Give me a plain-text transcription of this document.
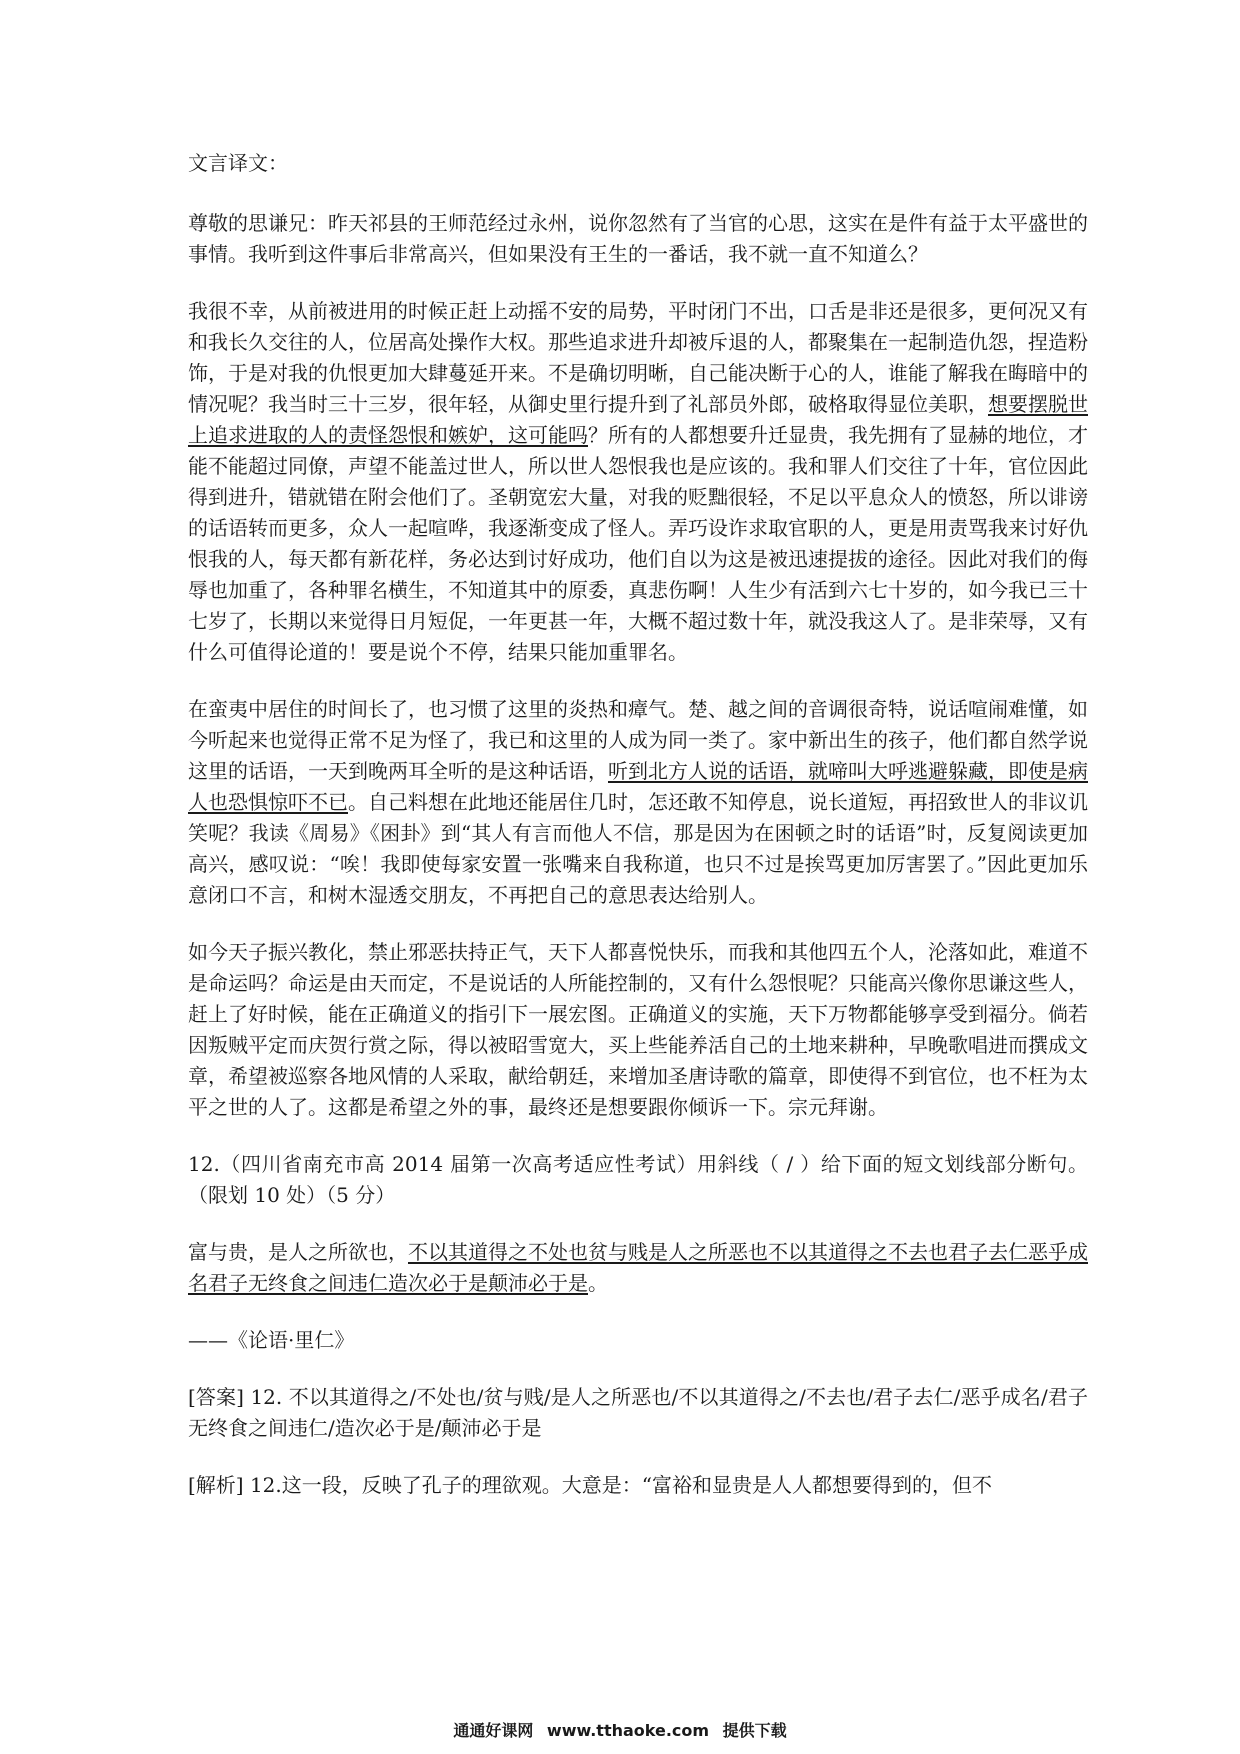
文言译文：

尊敬的思谦兄：昨天祁县的王师范经过永州，说你忽然有了当官的心思，这实在是件有益于太平盛世的事情。我听到这件事后非常高兴，但如果没有王生的一番话，我不就一直不知道么？

我很不幸，从前被进用的时候正赶上动摇不安的局势，平时闭门不出，口舌是非还是很多，更何况又有和我长久交往的人，位居高处操作大权。那些追求进升却被斥退的人，都聚集在一起制造仇怨，捏造粉饰，于是对我的仇恨更加大肆蔓延开来。不是确切明晰，自己能决断于心的人，谁能了解我在晦暗中的情况呢？我当时三十三岁，很年轻，从御史里行提升到了礼部员外郎，破格取得显位美职，想要摆脱世上追求进取的人的责怪怨恨和嫉妒，这可能吗？所有的人都想要升迁显贵，我先拥有了显赫的地位，才能不能超过同僚，声望不能盖过世人，所以世人怨恨我也是应该的。我和罪人们交往了十年，官位因此得到进升，错就错在附会他们了。圣朝宽宏大量，对我的贬黜很轻，不足以平息众人的愤怒，所以诽谤的话语转而更多，众人一起喧哗，我逐渐变成了怪人。弄巧设诈求取官职的人，更是用责骂我来讨好仇恨我的人，每天都有新花样，务必达到讨好成功，他们自以为这是被迅速提拔的途径。因此对我们的侮辱也加重了，各种罪名横生，不知道其中的原委，真悲伤啊！人生少有活到六七十岁的，如今我已三十七岁了，长期以来觉得日月短促，一年更甚一年，大概不超过数十年，就没我这人了。是非荣辱，又有什么可值得论道的！要是说个不停，结果只能加重罪名。

在蛮夷中居住的时间长了，也习惯了这里的炎热和瘴气。楚、越之间的音调很奇特，说话喧闹难懂，如今听起来也觉得正常不足为怪了，我已和这里的人成为同一类了。家中新出生的孩子，他们都自然学说这里的话语，一天到晚两耳全听的是这种话语，听到北方人说的话语，就啼叫大呼逃避躲藏，即使是病人也恐惧惊吓不已。自己料想在此地还能居住几时，怎还敢不知停息，说长道短，再招致世人的非议讥笑呢？我读《周易》《困卦》到“其人有言而他人不信，那是因为在困顿之时的话语”时，反复阅读更加高兴，感叹说：“唉！我即使每家安置一张嘴来自我称道，也只不过是挨骂更加厉害罢了。”因此更加乐意闭口不言，和树木湿透交朋友，不再把自己的意思表达给别人。

如今天子振兴教化，禁止邪恶扶持正气，天下人都喜悦快乐，而我和其他四五个人，沦落如此，难道不是命运吗？命运是由天而定，不是说话的人所能控制的，又有什么怨恨呢？只能高兴像你思谦这些人，赶上了好时候，能在正确道义的指引下一展宏图。正确道义的实施，天下万物都能够享受到福分。倘若因叛贼平定而庆贺行赏之际，得以被昭雪宽大，买上些能养活自己的土地来耕种，早晚歌唱进而撰成文章，希望被巡察各地风情的人采取，献给朝廷，来增加圣唐诗歌的篇章，即使得不到官位，也不枉为太平之世的人了。这都是希望之外的事，最终还是想要跟你倾诉一下。宗元拜谢。

12.（四川省南充市高 2014 届第一次高考适应性考试）用斜线（ / ）给下面的短文划线部分断句。（限划 10 处）（5 分）

富与贵，是人之所欲也，不以其道得之不处也贫与贱是人之所恶也不以其道得之不去也君子去仁恶乎成名君子无终食之间违仁造次必于是颠沛必于是。

——《论语·里仁》

[答案] 12. 不以其道得之/不处也/贫与贱/是人之所恶也/不以其道得之/不去也/君子去仁/恶乎成名/君子无终食之间违仁/造次必于是/颠沛必于是

[解析] 12.这一段，反映了孔子的理欲观。大意是：“富裕和显贵是人人都想要得到的，但不

通通好课网 www.tthaoke.com 提供下载
